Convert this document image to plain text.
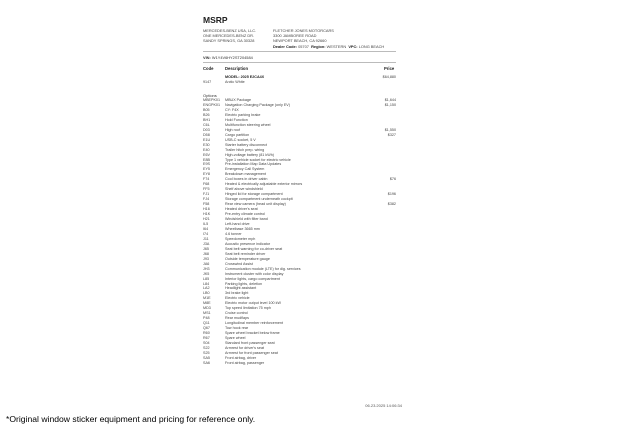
MSRP
MERCEDES-BENZ USA, LLC.
ONE MERCEDES-BENZ DR.
SANDY SPRINGS, GA 30328
FLETCHER JONES MOTORCARS
3300 JAMBOREE ROAD
NEWPORT BEACH, CA 92660
Dealer Code: 05707 Region: WESTERN VPC: LONG BEACH
VIN: W1Y4V6HY2ST204584
Code	Description	Price
MODEL: 2025 E2CA4X	$64,880
9147	Arctic White
Options
MBEPK01 MBUX Package	$1,644
ENGPK01 Navigation Charging Package (only EV)	$1,150
B05	CY: F4X
B26	Electric parking brake
BH1	Hold Function
C6L	Multifunction steering wheel
D03	High roof	$1,550
D58	Cargo partition	$327
E1U	USB-C socket, 5 V
E30	Starter battery disconnect
E40	Trailer hitch prep. wiring
E6V	High-voltage battery (81 kWh)
E8B	Type 1 vehicle socket for electric vehicle
E9S	Pre-installation Map Data Updates
EY5	Emergency Call System
EY8	Breakdown management
F74	Cool boxes in driver cabin	$76
F68	Heated & electrically adjustable exterior mirrors
FF5	Shelf above windshield
FJ1	Hinged lid for storage compartment	$196
FJ4	Storage compartment underneath cockpit
F58	Rear view camera (head unit display)	$382
H16	Heated driver's seat
H1K	Pre-entry climate control
H21	Windshield with filter band
IL5	Left-hand drive
I64	Wheelbase 3665 mm
I74	4.6 tonner
J11	Speedometer mph
J3A	Acoustic presence indicator
J65	Seat belt warning for co-driver seat
J68	Seat belt reminder driver
J93	Outside temperature gauge
JA6	Crosswind Assist
JH3	Communication module (LTE) for dig. services
JK5	Instrument cluster with color display
L85	Interior lights, cargo compartment
L84	Parking lights, deletion
LA2	Headlight assistant
LB0	3rd brake light
M1E	Electric vehicle
M8E	Electric motor output level 100 kW
MD3	Top speed limitation 75 mph
MS1	Cruise control
P48	Rear mudflaps
Q11	Longitudinal member reinforcement
Q67	Tow hook rear
R60	Spare wheel bracket below frame
R67	Spare wheel
S04	Standard front passenger seat
S22	Armrest for driver's seat
S25	Armrest for front passenger seat
SA5	Front airbag, driver
SA6	Front airbag, passenger
06.23.2025 14:06:34
*Original window sticker equipment and pricing for reference only.
